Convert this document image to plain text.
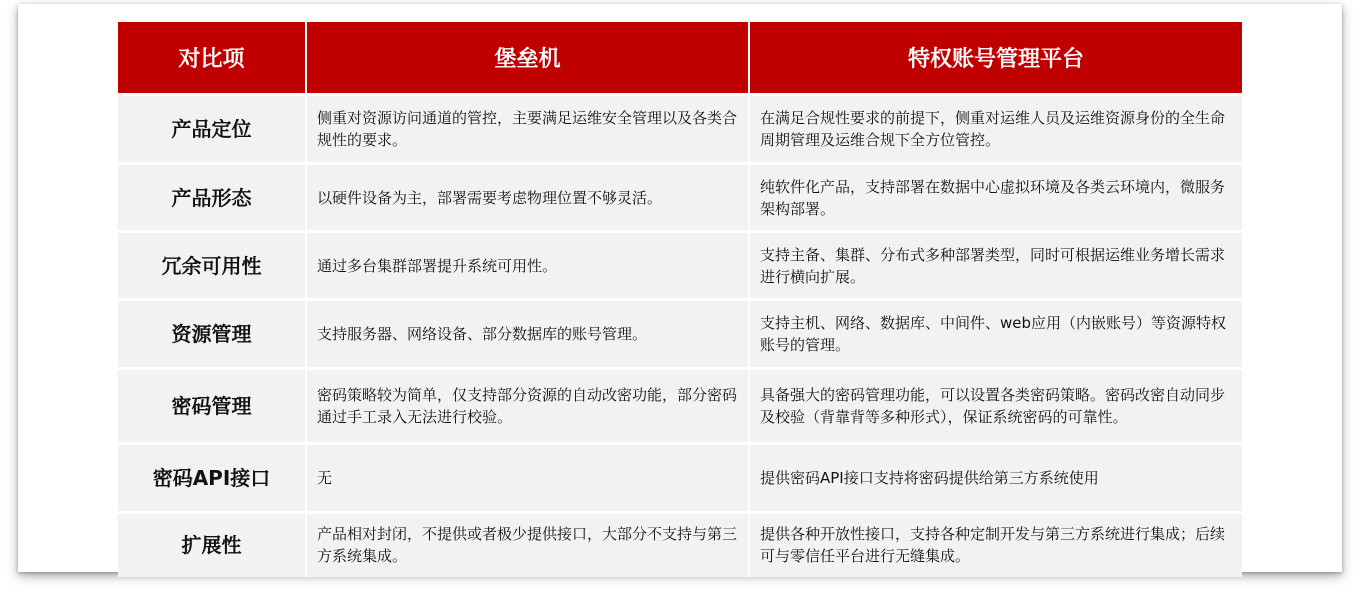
对比项	堡垒机	特权账号管理平台
产品定位	侧重对资源访问通道的管控，主要满足运维安全管理以及各类合规性的要求。	在满足合规性要求的前提下，侧重对运维人员及运维资源身份的全生命周期管理及运维合规下全方位管控。
产品形态	以硬件设备为主，部署需要考虑物理位置不够灵活。	纯软件化产品，支持部署在数据中心虚拟环境及各类云环境内，微服务架构部署。
冗余可用性	通过多台集群部署提升系统可用性。	支持主备、集群、分布式多种部署类型，同时可根据运维业务增长需求进行横向扩展。
资源管理	支持服务器、网络设备、部分数据库的账号管理。	支持主机、网络、数据库、中间件、web应用（内嵌账号）等资源特权账号的管理。
密码管理	密码策略较为简单，仅支持部分资源的自动改密功能，部分密码通过手工录入无法进行校验。	具备强大的密码管理功能，可以设置各类密码策略。密码改密自动同步及校验（背靠背等多种形式），保证系统密码的可靠性。
密码API接口	无	提供密码API接口支持将密码提供给第三方系统使用
扩展性	产品相对封闭，不提供或者极少提供接口，大部分不支持与第三方系统集成。	提供各种开放性接口，支持各种定制开发与第三方系统进行集成；后续可与零信任平台进行无缝集成。
